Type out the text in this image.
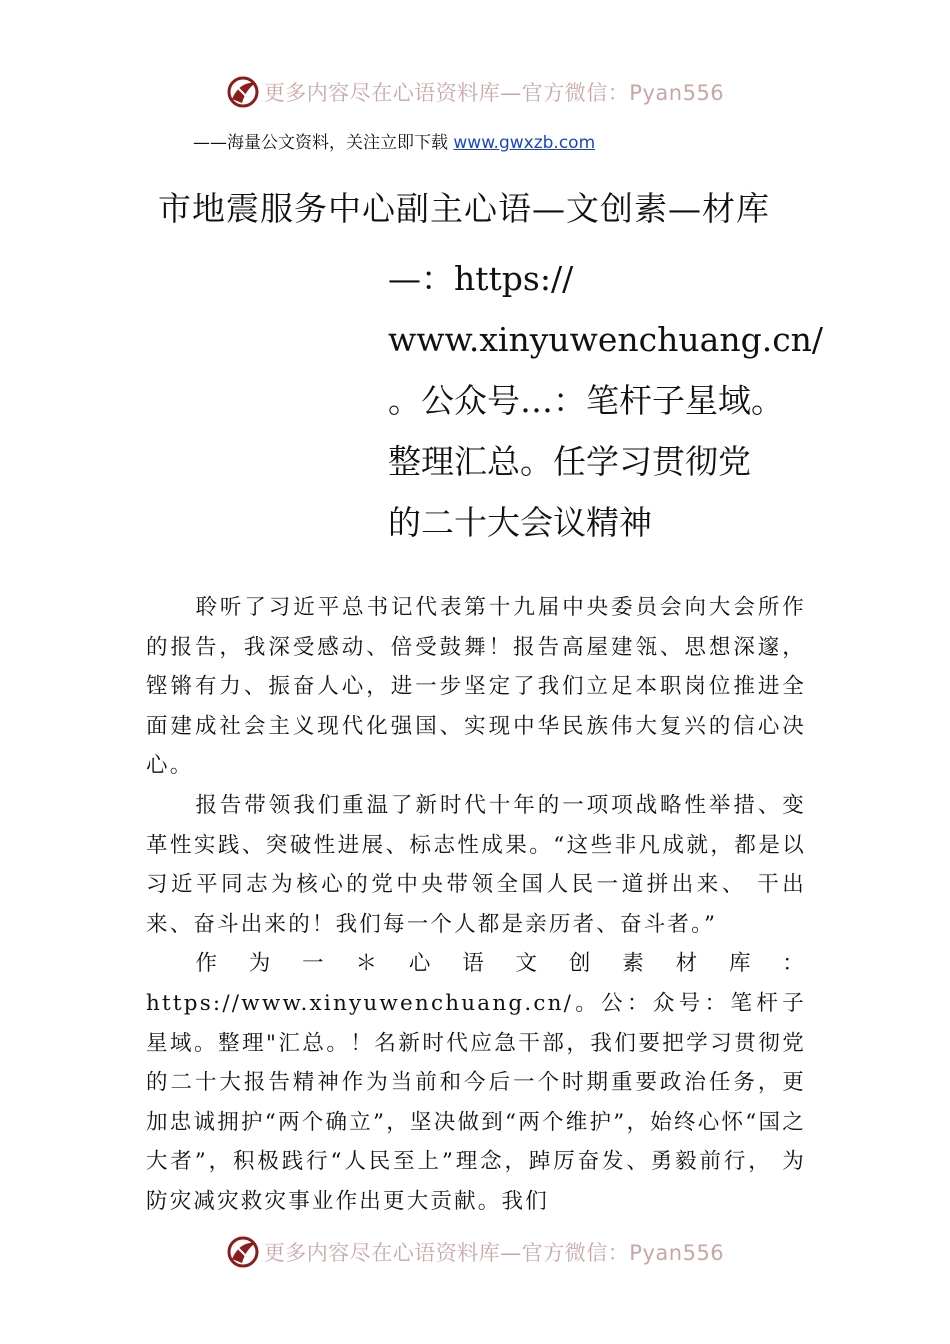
更多内容尽在心语资料库—官方微信：Pyan556
——海量公文资料，关注立即下载 www.gwxzb.com
市地震服务中心副主心语—文创素—材库
—：https://
www.xinyuwenchuang.cn/
。公众号…：笔杆子星域。
整理汇总。任学习贯彻党
的二十大会议精神

聆听了习近平总书记代表第十九届中央委员会向大会所作的报告，我深受感动、倍受鼓舞！报告高屋建瓴、思想深邃，铿锵有力、振奋人心，进一步坚定了我们立足本职岗位推进全面建成社会主义现代化强国、实现中华民族伟大复兴的信心决心。

报告带领我们重温了新时代十年的一项项战略性举措、变革性实践、突破性进展、标志性成果。“这些非凡成就，都是以习近平同志为核心的党中央带领全国人民一道拼出来、 干出来、奋斗出来的！我们每一个人都是亲历者、奋斗者。”

作为一＊心语文创素材库：https://www.xinyuwenchuang.cn/。公：众号：笔杆子星域。整理"汇总。！名新时代应急干部，我们要把学习贯彻党的二十大报告精神作为当前和今后一个时期重要政治任务，更加忠诚拥护“两个确立”，坚决做到“两个维护”，始终心怀“国之大者”，积极践行“人民至上”理念，踔厉奋发、勇毅前行， 为防灾减灾救灾事业作出更大贡献。我们

更多内容尽在心语资料库—官方微信：Pyan556
